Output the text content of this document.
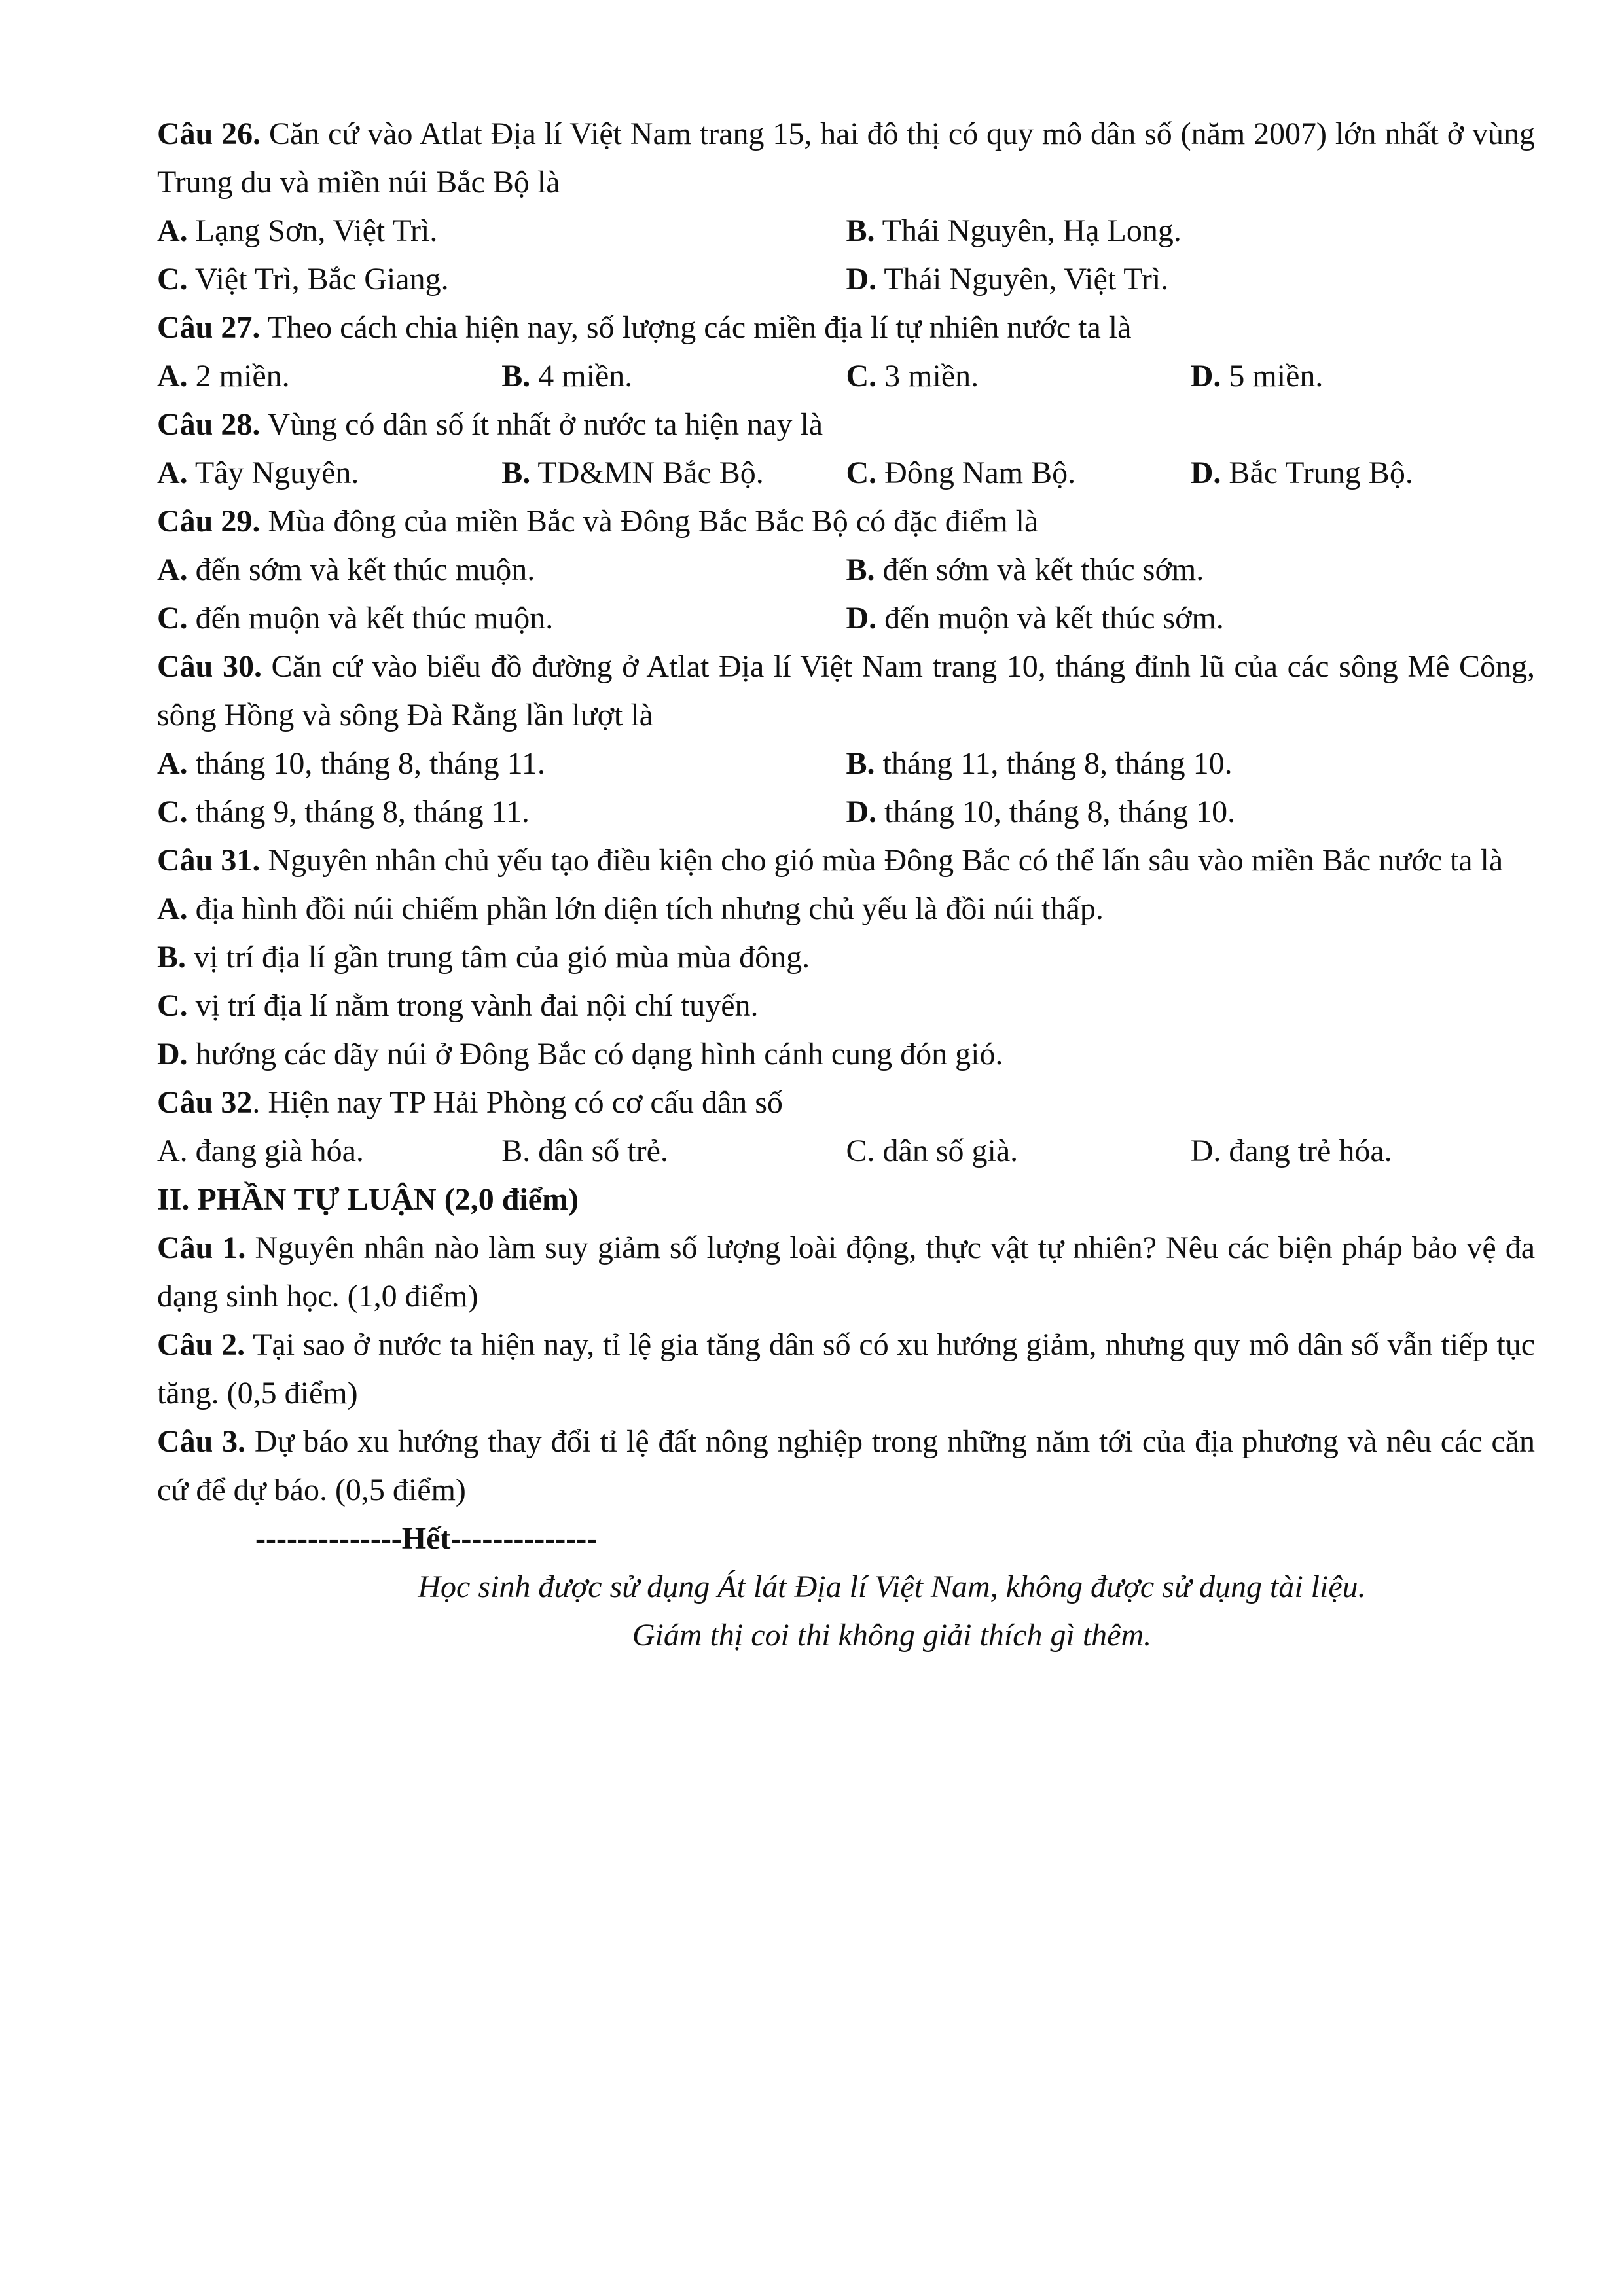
Câu 26. Căn cứ vào Atlat Địa lí Việt Nam trang 15, hai đô thị có quy mô dân số (năm 2007) lớn nhất ở vùng Trung du và miền núi Bắc Bộ là

A. Lạng Sơn, Việt Trì.	B. Thái Nguyên, Hạ Long.
C. Việt Trì, Bắc Giang.	D. Thái Nguyên, Việt Trì.

Câu 27. Theo cách chia hiện nay, số lượng các miền địa lí tự nhiên nước ta là

A. 2 miền.	B. 4 miền.	C. 3 miền.	D. 5 miền.

Câu 28. Vùng có dân số ít nhất ở nước ta hiện nay là

A. Tây Nguyên.	B. TD&MN Bắc Bộ.	C. Đông Nam Bộ.	D. Bắc Trung Bộ.

Câu 29. Mùa đông của miền Bắc và Đông Bắc Bắc Bộ có đặc điểm là

A. đến sớm và kết thúc muộn.	B. đến sớm và kết thúc sớm.
C. đến muộn và kết thúc muộn.	D. đến muộn và kết thúc sớm.

Câu 30. Căn cứ vào biểu đồ đường ở Atlat Địa lí Việt Nam trang 10, tháng đỉnh lũ của các sông Mê Công, sông Hồng và sông Đà Rằng lần lượt là

A. tháng 10, tháng 8, tháng 11.	B. tháng 11, tháng 8, tháng 10.
C. tháng 9, tháng 8, tháng 11.	D. tháng 10, tháng 8, tháng 10.

Câu 31. Nguyên nhân chủ yếu tạo điều kiện cho gió mùa Đông Bắc có thể lấn sâu vào miền Bắc nước ta là

A. địa hình đồi núi chiếm phần lớn diện tích nhưng chủ yếu là đồi núi thấp.
B. vị trí địa lí gần trung tâm của gió mùa mùa đông.
C. vị trí địa lí nằm trong vành đai nội chí tuyến.
D. hướng các dãy núi ở Đông Bắc có dạng hình cánh cung đón gió.

Câu 32. Hiện nay TP Hải Phòng có cơ cấu dân số

A. đang già hóa.	B. dân số trẻ.	C. dân số già.	D. đang trẻ hóa.

II. PHẦN TỰ LUẬN (2,0 điểm)

Câu 1. Nguyên nhân nào làm suy giảm số lượng loài động, thực vật tự nhiên? Nêu các biện pháp bảo vệ đa dạng sinh học. (1,0 điểm)

Câu 2. Tại sao ở nước ta hiện nay, tỉ lệ gia tăng dân số có xu hướng giảm, nhưng quy mô dân số vẫn tiếp tục tăng. (0,5 điểm)

Câu 3. Dự báo xu hướng thay đổi tỉ lệ đất nông nghiệp trong những năm tới của địa phương và nêu các căn cứ để dự báo. (0,5 điểm)

--------------Hết--------------

Học sinh được sử dụng Át lát Địa lí Việt Nam, không được sử dụng tài liệu.

Giám thị coi thi không giải thích gì thêm.
